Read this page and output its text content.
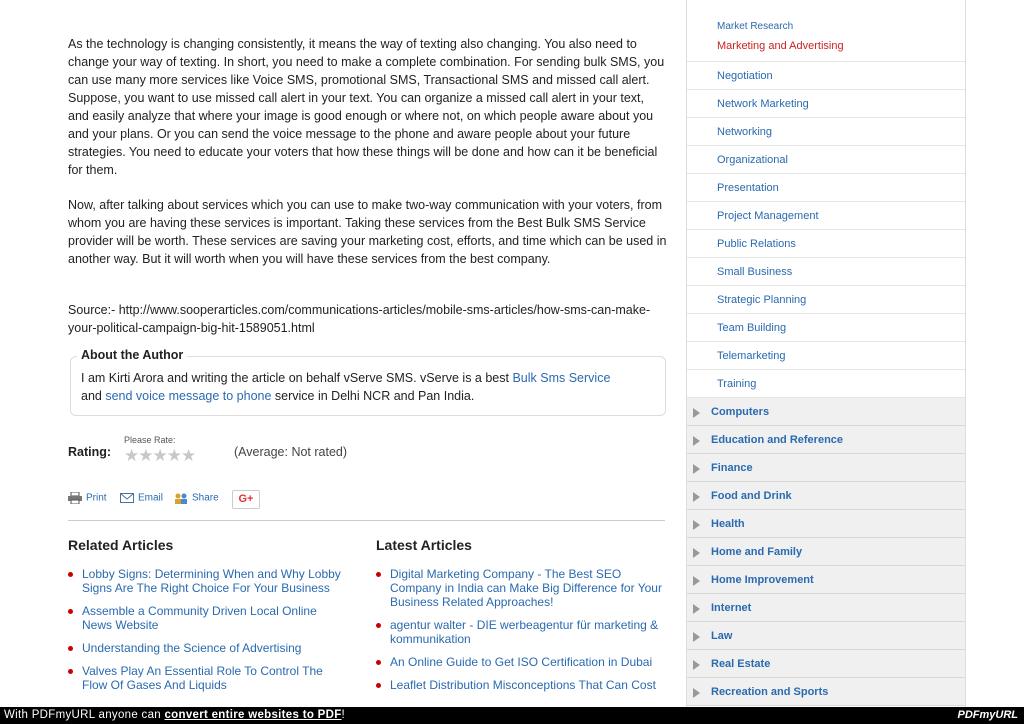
As the technology is changing consistently, it means the way of texting also changing. You also need to change your way of texting. In short, you need to make a complete combination. For sending bulk SMS, you can use many more services like Voice SMS, promotional SMS, Transactional SMS and missed call alert. Suppose, you want to use missed call alert in your text. You can organize a missed call alert in your text, and easily analyze that where your image is good enough or where not, on which people aware about you and your plans. Or you can send the voice message to the phone and aware people about your future strategies. You need to educate your voters that how these things will be done and how can it be beneficial for them.

Now, after talking about services which you can use to make two-way communication with your voters, from whom you are having these services is important. Taking these services from the Best Bulk SMS Service provider will be worth. These services are saving your marketing cost, efforts, and time which can be used in another way. But it will worth when you will have these services from the best company.

Source:- http://www.sooperarticles.com/communications-articles/mobile-sms-articles/how-sms-can-make-your-political-campaign-big-hit-1589051.html

About the Author

I am Kirti Arora and writing the article on behalf vServe SMS. vServe is a best Bulk Sms Service
and send voice message to phone service in Delhi NCR and Pan India.

Rating:
Please Rate:
★★★★★	(Average: Not rated)
Print	Email	Share	G+
Related Articles
Lobby Signs: Determining When and Why Lobby Signs Are The Right Choice For Your Business
Assemble a Community Driven Local Online News Website
Understanding the Science of Advertising
Valves Play An Essential Role To Control The Flow Of Gases And Liquids
Latest Articles
Digital Marketing Company - The Best SEO Company in India can Make Big Difference for Your Business Related Approaches!
agentur walter - DIE werbeagentur für marketing & kommunikation
An Online Guide to Get ISO Certification in Dubai
Leaflet Distribution Misconceptions That Can Cost
Market Research
Marketing and Advertising
Negotiation
Network Marketing
Networking
Organizational
Presentation
Project Management
Public Relations
Small Business
Strategic Planning
Team Building
Telemarketing
Training
Computers
Education and Reference
Finance
Food and Drink
Health
Home and Family
Home Improvement
Internet
Law
Real Estate
Recreation and Sports
With PDFmyURL anyone can convert entire websites to PDF!	PDFmyURL
